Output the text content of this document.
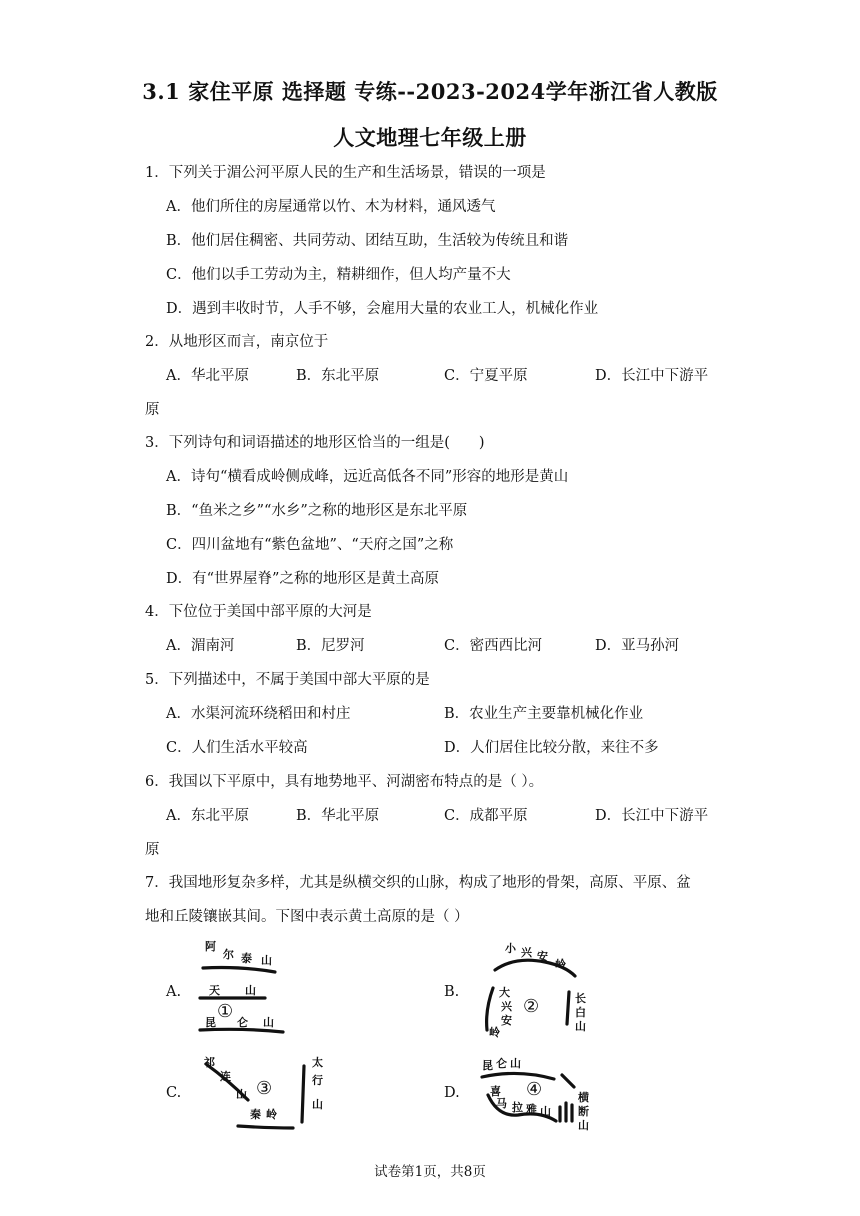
3.1 家住平原 选择题 专练--2023-2024学年浙江省人教版
人文地理七年级上册
1．下列关于湄公河平原人民的生产和生活场景，错误的一项是
A．他们所住的房屋通常以竹、木为材料，通风透气
B．他们居住稠密、共同劳动、团结互助，生活较为传统且和谐
C．他们以手工劳动为主，精耕细作，但人均产量不大
D．遇到丰收时节，人手不够，会雇用大量的农业工人，机械化作业
2．从地形区而言，南京位于
A．华北平原	B．东北平原	C．宁夏平原	D．长江中下游平
原
3．下列诗句和词语描述的地形区恰当的一组是(　　)
A．诗句“横看成岭侧成峰，远近高低各不同”形容的地形是黄山
B．“鱼米之乡”“水乡”之称的地形区是东北平原
C．四川盆地有“紫色盆地”、“天府之国”之称
D．有“世界屋脊”之称的地形区是黄土高原
4．下位位于美国中部平原的大河是
A．湄南河	B．尼罗河	C．密西西比河	D．亚马孙河
5．下列描述中，不属于美国中部大平原的是
A．水渠河流环绕稻田和村庄	B．农业生产主要靠机械化作业
C．人们生活水平较高	D．人们居住比较分散，来往不多
6．我国以下平原中，具有地势地平、河湖密布特点的是（ ）。
A．东北平原	B．华北平原	C．成都平原	D．长江中下游平
原
7．我国地形复杂多样，尤其是纵横交织的山脉，构成了地形的骨架，高原、平原、盆
地和丘陵镶嵌其间。下图中表示黄土高原的是（ ）
A.	B.
C.	D.
阿
尔 泰 山
天 山
昆 仑 山
①
小 兴 安
岭
大
兴
安
岭
长
白
山
②
祁
连
山
太
行
山
秦 岭
③
昆 仑 山
喜
马 拉 雅 山
横
断
山
④
试卷第1页，共8页
